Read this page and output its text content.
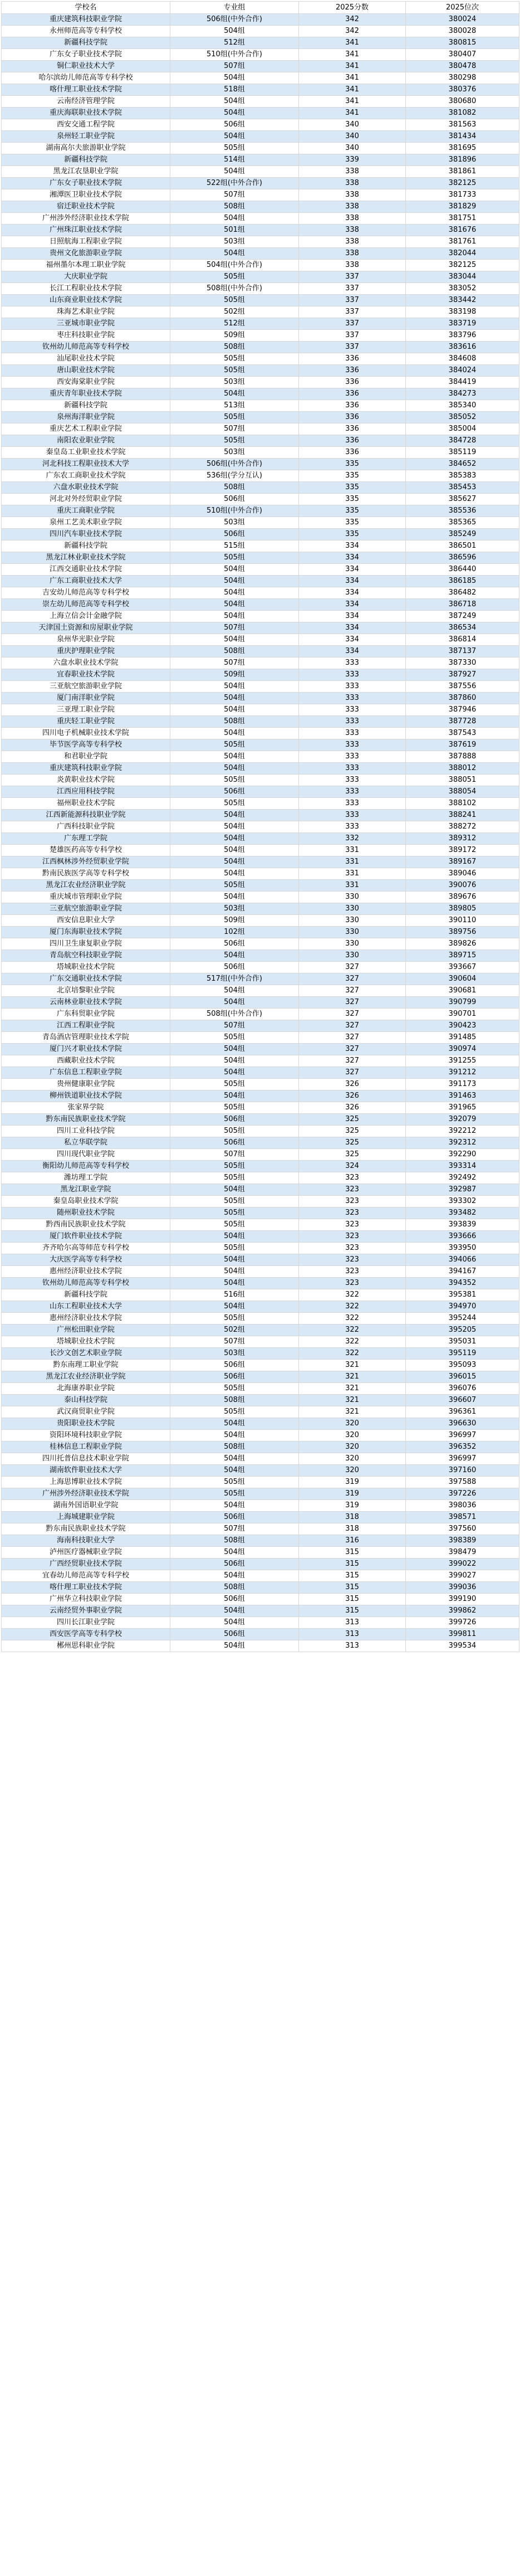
学校名	专业组	2025分数	2025位次
重庆建筑科技职业学院	506组(中外合作)	342	380024
永州师范高等专科学校	504组	342	380028
新疆科技学院	512组	341	380815
广东女子职业技术学院	510组(中外合作)	341	380407
铜仁职业技术大学	507组	341	380478
哈尔滨幼儿师范高等专科学校	504组	341	380298
喀什理工职业技术学院	518组	341	380376
云南经济管理学院	504组	341	380680
重庆海联职业技术学院	504组	341	381082
西安交通工程学院	506组	340	381563
泉州轻工职业学院	504组	340	381434
湖南高尔夫旅游职业学院	505组	340	381695
新疆科技学院	514组	339	381896
黑龙江农垦职业学院	504组	338	381861
广东女子职业技术学院	522组(中外合作)	338	382125
湘潭医卫职业技术学院	507组	338	381733
宿迁职业技术学院	508组	338	381829
广州涉外经济职业技术学院	504组	338	381751
广州珠江职业技术学院	501组	338	381676
日照航海工程职业学院	503组	338	381761
贵州文化旅游职业学院	504组	338	382044
福州墨尔本理工职业学院	504组(中外合作)	338	382125
大庆职业学院	505组	337	383044
长江工程职业技术学院	508组(中外合作)	337	383052
山东商业职业技术学院	505组	337	383442
珠海艺术职业学院	502组	337	383198
三亚城市职业学院	512组	337	383719
枣庄科技职业学院	509组	337	383796
钦州幼儿师范高等专科学校	508组	337	383616
汕尾职业技术学院	505组	336	384608
唐山职业技术学院	505组	336	384024
西安海棠职业学院	503组	336	384419
重庆青年职业技术学院	504组	336	384273
新疆科技学院	513组	336	385340
泉州海洋职业学院	505组	336	385052
重庆艺术工程职业学院	507组	336	385004
南阳农业职业学院	505组	336	384728
秦皇岛工业职业技术学院	503组	336	385119
河北科技工程职业技术大学	506组(中外合作)	335	384652
广东农工商职业技术学院	536组(学分互认)	335	385383
六盘水职业技术学院	508组	335	385453
河北对外经贸职业学院	506组	335	385627
重庆工商职业学院	510组(中外合作)	335	385536
泉州工艺美术职业学院	503组	335	385365
四川汽车职业技术学院	506组	335	385249
新疆科技学院	515组	334	386501
黑龙江林业职业技术学院	505组	334	386596
江西交通职业技术学院	504组	334	386440
广东工商职业技术大学	504组	334	386185
吉安幼儿师范高等专科学校	504组	334	386482
崇左幼儿师范高等专科学校	504组	334	386718
上海立信会计金融学院	504组	334	387249
天津国土资源和房屋职业学院	507组	334	386534
泉州华光职业学院	504组	334	386814
重庆护理职业学院	508组	334	387137
六盘水职业技术学院	507组	333	387330
宜春职业技术学院	509组	333	387927
三亚航空旅游职业学院	504组	333	387556
厦门南洋职业学院	504组	333	387860
三亚理工职业学院	504组	333	387946
重庆轻工职业学院	508组	333	387728
四川电子机械职业技术学院	504组	333	387543
毕节医学高等专科学校	505组	333	387619
和君职业学院	504组	333	387888
重庆建筑科技职业学院	504组	333	388012
炎黄职业技术学院	505组	333	388051
江西应用科技学院	506组	333	388054
福州职业技术学院	505组	333	388102
江西新能源科技职业学院	504组	333	388241
广西科技职业学院	504组	333	388272
广东理工学院	504组	332	389312
楚雄医药高等专科学校	504组	331	389172
江西枫林涉外经贸职业学院	504组	331	389167
黔南民族医学高等专科学校	504组	331	389046
黑龙江农业经济职业学院	505组	331	390076
重庆城市管理职业学院	504组	330	389676
三亚航空旅游职业学院	503组	330	389805
西安信息职业大学	509组	330	390110
厦门东海职业技术学院	102组	330	389756
四川卫生康复职业学院	506组	330	389826
青岛航空科技职业学院	504组	330	389715
塔城职业技术学院	506组	327	393667
广东交通职业技术学院	517组(中外合作)	327	390604
北京培黎职业学院	504组	327	390681
云南林业职业技术学院	504组	327	390799
广东科贸职业学院	508组(中外合作)	327	390701
江西工程职业学院	507组	327	390423
青岛酒店管理职业技术学院	505组	327	391485
厦门兴才职业技术学院	504组	327	390974
西藏职业技术学院	504组	327	391255
广东信息工程职业学院	504组	327	391212
贵州健康职业学院	505组	326	391173
柳州铁道职业技术学院	504组	326	391463
张家界学院	505组	326	391965
黔东南民族职业技术学院	506组	325	392079
四川工业科技学院	505组	325	392212
私立华联学院	506组	325	392312
四川现代职业学院	507组	325	392290
衡阳幼儿师范高等专科学校	505组	324	393314
潍坊理工学院	505组	323	392492
黑龙江职业学院	504组	323	392987
秦皇岛职业技术学院	505组	323	393302
随州职业技术学院	505组	323	393482
黔西南民族职业技术学院	505组	323	393839
厦门软件职业技术学院	504组	323	393666
齐齐哈尔高等师范专科学校	505组	323	393950
大庆医学高等专科学校	504组	323	394066
惠州经济职业技术学院	504组	323	394167
钦州幼儿师范高等专科学校	504组	323	394352
新疆科技学院	516组	322	395381
山东工程职业技术大学	504组	322	394970
惠州经济职业技术学院	505组	322	395244
广州松田职业学院	502组	322	395205
塔城职业技术学院	507组	322	395031
长沙文创艺术职业学院	503组	322	395119
黔东南理工职业学院	506组	321	395093
黑龙江农业经济职业学院	506组	321	396015
北海康养职业学院	505组	321	396076
泰山科技学院	508组	321	396607
武汉商贸职业学院	505组	321	396361
贵阳职业技术学院	504组	320	396630
资阳环境科技职业学院	504组	320	396997
桂林信息工程职业学院	508组	320	396352
四川托普信息技术职业学院	504组	320	396997
湖南软件职业技术大学	504组	320	397160
上海思博职业技术学院	505组	319	397588
广州涉外经济职业技术学院	505组	319	397226
湖南外国语职业学院	504组	319	398036
上海城建职业学院	506组	318	398571
黔东南民族职业技术学院	507组	318	397560
海南科技职业大学	508组	316	398389
泸州医疗器械职业学院	504组	315	398479
广西经贸职业技术学院	506组	315	399022
宜春幼儿师范高等专科学校	504组	315	399027
喀什理工职业技术学院	508组	315	399036
广州华立科技职业学院	506组	315	399190
云南经贸外事职业学院	504组	315	399862
四川长江职业学院	504组	313	399726
西安医学高等专科学校	506组	313	399811
郴州思科职业学院	504组	313	399534
